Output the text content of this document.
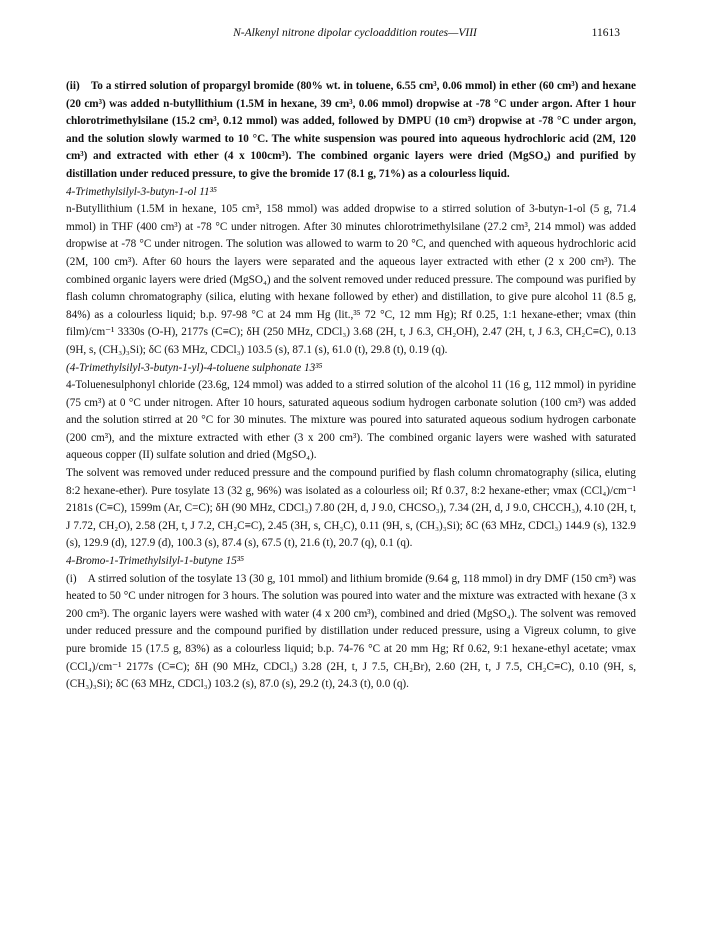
N-Alkenyl nitrone dipolar cycloaddition routes—VIII	11613

(ii) To a stirred solution of propargyl bromide (80% wt. in toluene, 6.55 cm³, 0.06 mmol) in ether (60 cm³) and hexane (20 cm³) was added n-butyllithium (1.5M in hexane, 39 cm³, 0.06 mmol) dropwise at -78 °C under argon. After 1 hour chlorotrimethylsilane (15.2 cm³, 0.12 mmol) was added, followed by DMPU (10 cm³) dropwise at -78 °C under argon, and the solution slowly warmed to 10 °C. The white suspension was poured into aqueous hydrochloric acid (2M, 120 cm³) and extracted with ether (4 x 100cm³). The combined organic layers were dried (MgSO₄) and purified by distillation under reduced pressure, to give the bromide 17 (8.1 g, 71%) as a colourless liquid.

4-Trimethylsilyl-3-butyn-1-ol 11³⁵

n-Butyllithium (1.5M in hexane, 105 cm³, 158 mmol) was added dropwise to a stirred solution of 3-butyn-1-ol (5 g, 71.4 mmol) in THF (400 cm³) at -78 °C under nitrogen. After 30 minutes chlorotrimethylsilane (27.2 cm³, 214 mmol) was added dropwise at -78 °C under nitrogen. The solution was allowed to warm to 20 °C, and quenched with aqueous hydrochloric acid (2M, 100 cm³). After 60 hours the layers were separated and the aqueous layer extracted with ether (2 x 200 cm³). The combined organic layers were dried (MgSO₄) and the solvent removed under reduced pressure. The compound was purified by flash column chromatography (silica, eluting with hexane followed by ether) and distillation, to give pure alcohol 11 (8.5 g, 84%) as a colourless liquid; b.p. 97-98 °C at 24 mm Hg (lit.,³⁵ 72 °C, 12 mm Hg); Rf 0.25, 1:1 hexane-ether; νmax (thin film)/cm⁻¹ 3330s (O-H), 2177s (C≡C); δH (250 MHz, CDCl₃) 3.68 (2H, t, J 6.3, CH₂OH), 2.47 (2H, t, J 6.3, CH₂C≡C), 0.13 (9H, s, (CH₃)₃Si); δC (63 MHz, CDCl₃) 103.5 (s), 87.1 (s), 61.0 (t), 29.8 (t), 0.19 (q).

(4-Trimethylsilyl-3-butyn-1-yl)-4-toluene sulphonate 13³⁵

4-Toluenesulphonyl chloride (23.6g, 124 mmol) was added to a stirred solution of the alcohol 11 (16 g, 112 mmol) in pyridine (75 cm³) at 0 °C under nitrogen. After 10 hours, saturated aqueous sodium hydrogen carbonate solution (100 cm³) was added and the solution stirred at 20 °C for 30 minutes. The mixture was poured into saturated aqueous sodium hydrogen carbonate (200 cm³), and the mixture extracted with ether (3 x 200 cm³). The combined organic layers were washed with saturated aqueous copper (II) sulfate solution and dried (MgSO₄).

The solvent was removed under reduced pressure and the compound purified by flash column chromatography (silica, eluting 8:2 hexane-ether). Pure tosylate 13 (32 g, 96%) was isolated as a colourless oil; Rf 0.37, 8:2 hexane-ether; νmax (CCl₄)/cm⁻¹ 2181s (C≡C), 1599m (Ar, C=C); δH (90 MHz, CDCl₃) 7.80 (2H, d, J 9.0, CHCSO₃), 7.34 (2H, d, J 9.0, CHCCH₃), 4.10 (2H, t, J 7.72, CH₂O), 2.58 (2H, t, J 7.2, CH₂C≡C), 2.45 (3H, s, CH₃C), 0.11 (9H, s, (CH₃)₃Si); δC (63 MHz, CDCl₃) 144.9 (s), 132.9 (s), 129.9 (d), 127.9 (d), 100.3 (s), 87.4 (s), 67.5 (t), 21.6 (t), 20.7 (q), 0.1 (q).

4-Bromo-1-Trimethylsilyl-1-butyne 15³⁵

(i) A stirred solution of the tosylate 13 (30 g, 101 mmol) and lithium bromide (9.64 g, 118 mmol) in dry DMF (150 cm³) was heated to 50 °C under nitrogen for 3 hours. The solution was poured into water and the mixture was extracted with hexane (3 x 200 cm³). The organic layers were washed with water (4 x 200 cm³), combined and dried (MgSO₄). The solvent was removed under reduced pressure and the compound purified by distillation under reduced pressure, using a Vigreux column, to give pure bromide 15 (17.5 g, 83%) as a colourless liquid; b.p. 74-76 °C at 20 mm Hg; Rf 0.62, 9:1 hexane-ethyl acetate; νmax (CCl₄)/cm⁻¹ 2177s (C≡C); δH (90 MHz, CDCl₃) 3.28 (2H, t, J 7.5, CH₂Br), 2.60 (2H, t, J 7.5, CH₂C≡C), 0.10 (9H, s, (CH₃)₃Si); δC (63 MHz, CDCl₃) 103.2 (s), 87.0 (s), 29.2 (t), 24.3 (t), 0.0 (q).
